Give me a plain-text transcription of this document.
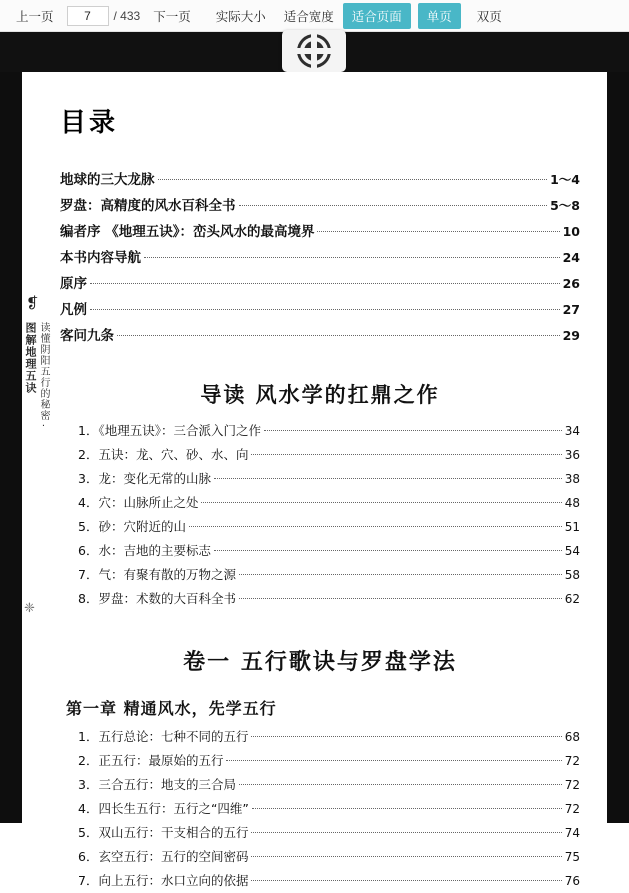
上一页
7	/ 433	下一页	实际大小	适合宽度	适合页面	单页	双页
❡
读懂阴阳五行的秘密·
图解地理五诀
❈
目录
地球的三大龙脉	1～4
罗盘：高精度的风水百科全书	5～8
编者序 《地理五诀》：峦头风水的最高境界	10
本书内容导航	24
原序	26
凡例	27
客问九条	29
导读 风水学的扛鼎之作
1．《地理五诀》：三合派入门之作	34
2．五诀：龙、穴、砂、水、向	36
3．龙：变化无常的山脉	38
4．穴：山脉所止之处	48
5．砂：穴附近的山	51
6．水：吉地的主要标志	54
7．气：有聚有散的万物之源	58
8．罗盘：术数的大百科全书	62
卷一 五行歌诀与罗盘学法
第一章 精通风水，先学五行
1．五行总论：七种不同的五行	68
2．正五行：最原始的五行	72
3．三合五行：地支的三合局	72
4．四长生五行：五行之“四维”	72
5．双山五行：干支相合的五行	74
6．玄空五行：五行的空间密码	75
7．向上五行：水口立向的依据	76
